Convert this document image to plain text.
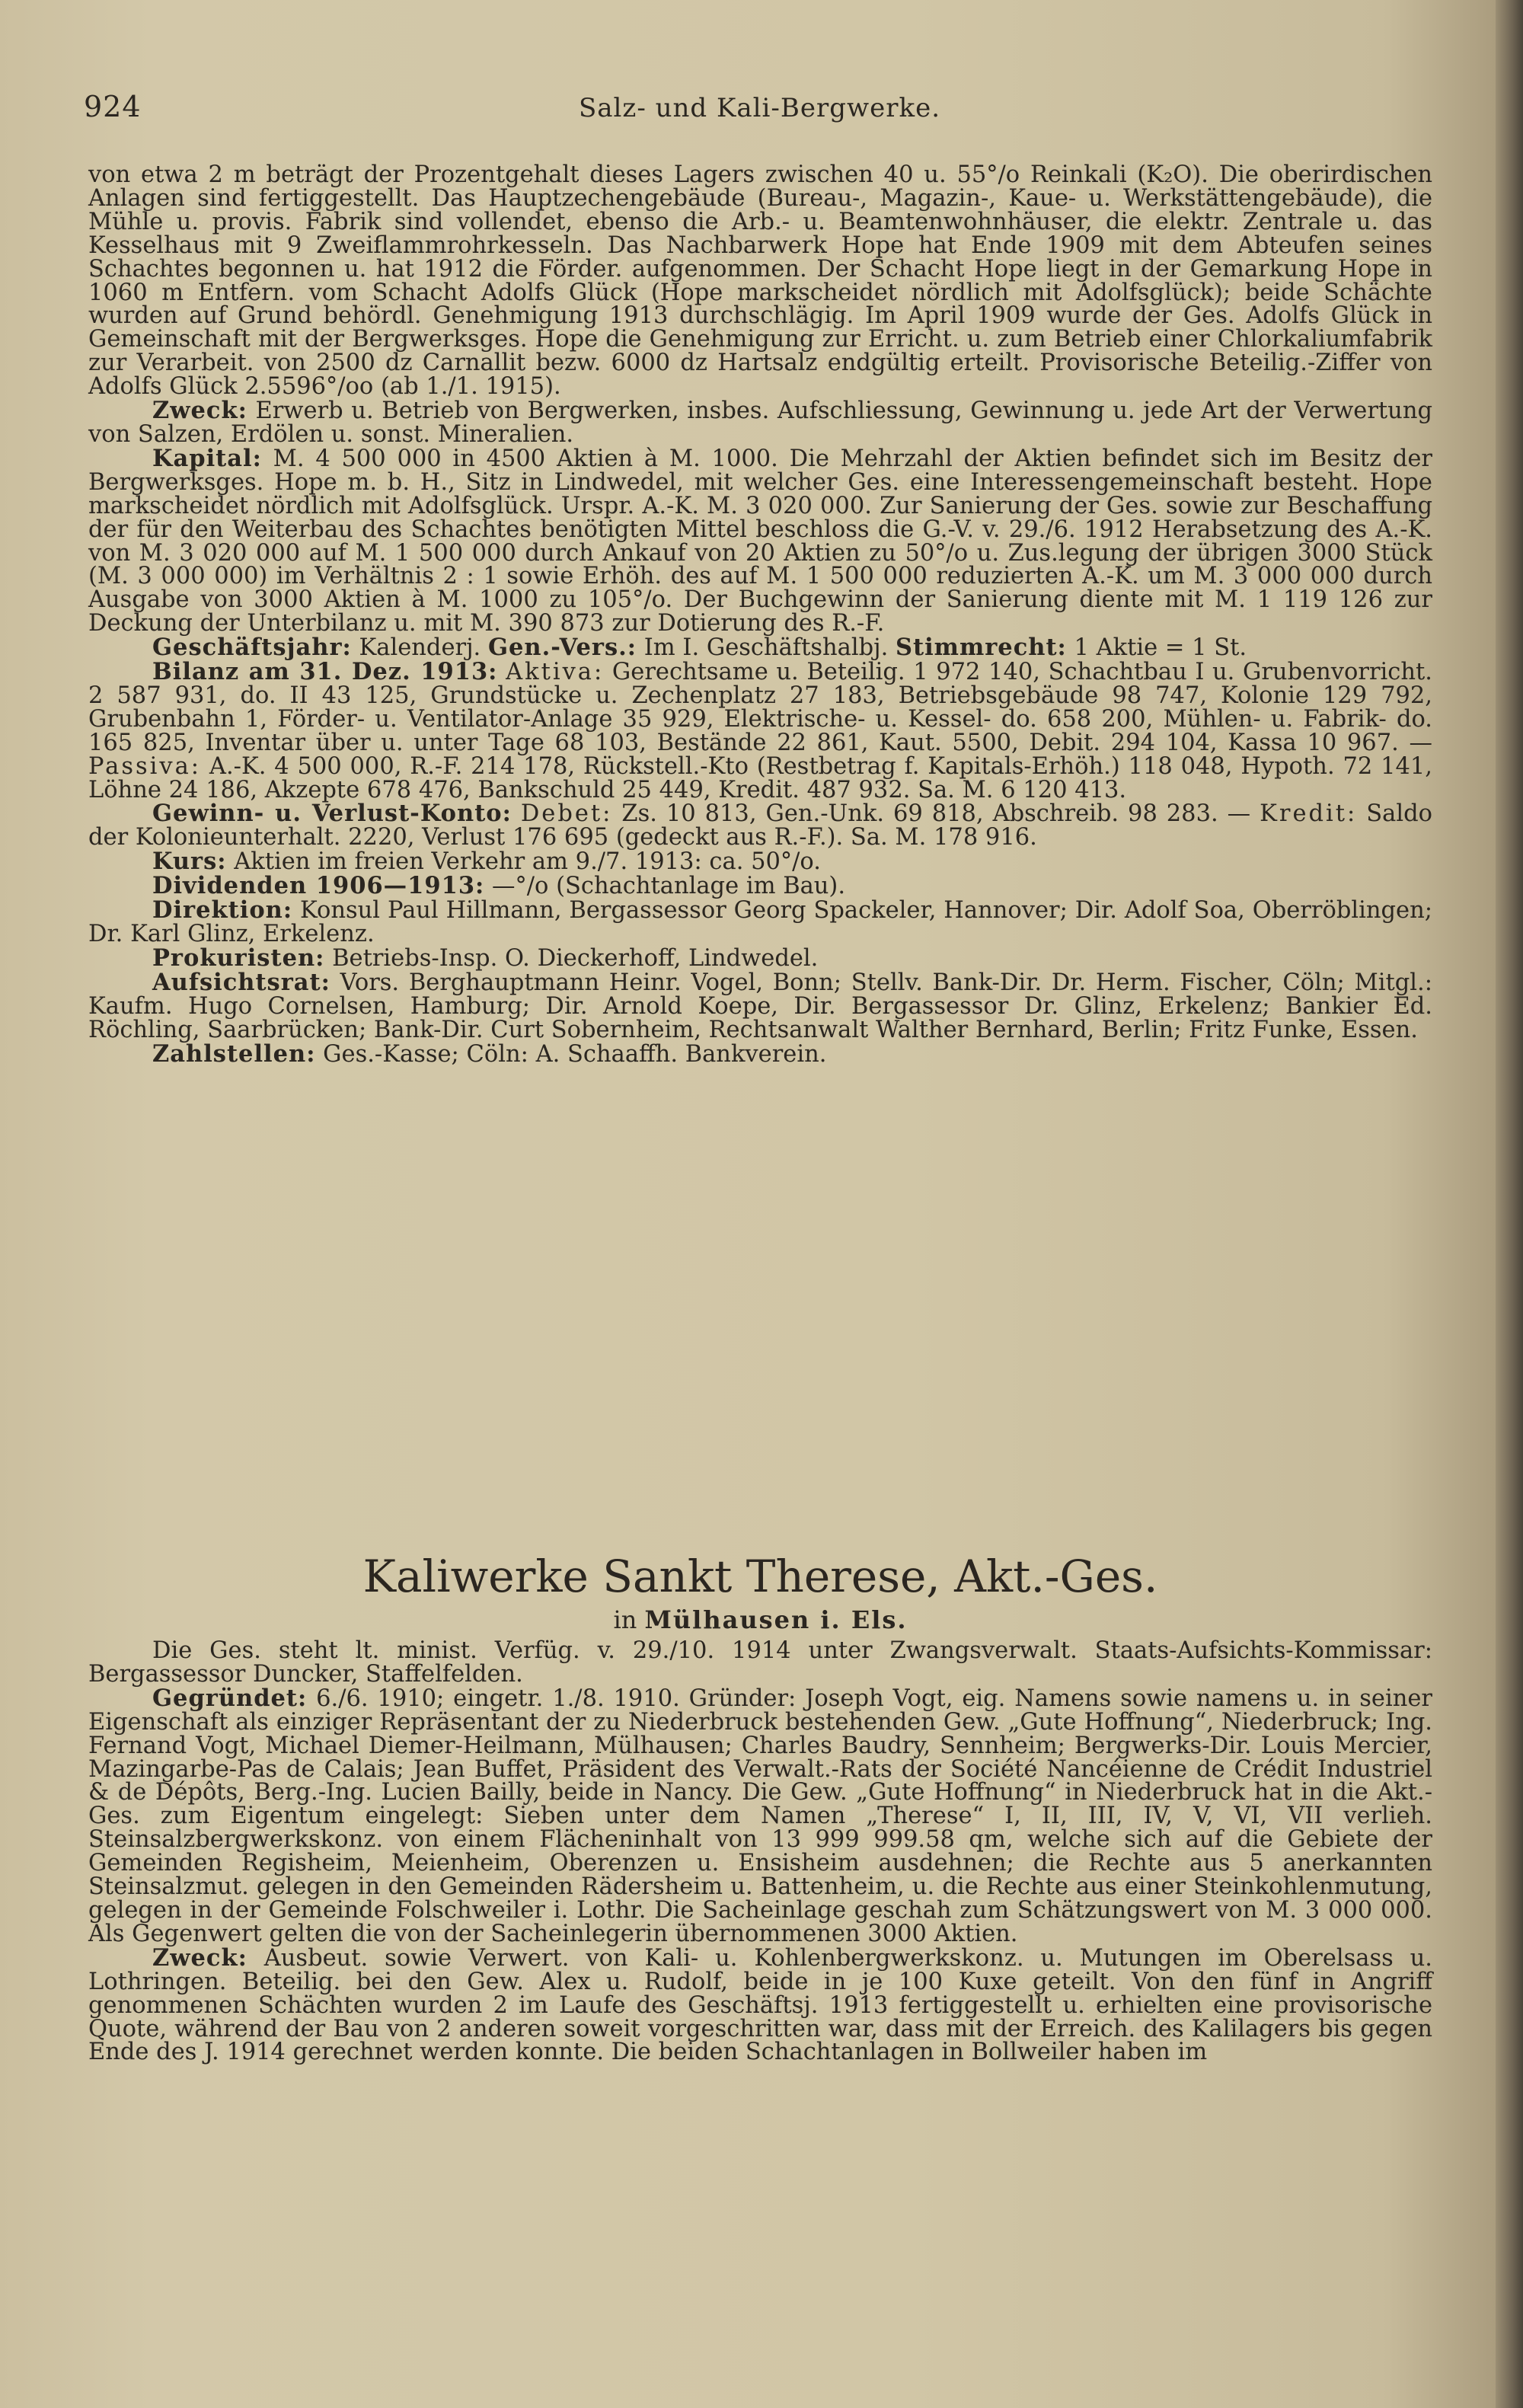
924	Salz- und Kali-Bergwerke.

von etwa 2 m beträgt der Prozentgehalt dieses Lagers zwischen 40 u. 55°/o Reinkali (K₂O). Die oberirdischen Anlagen sind fertiggestellt. Das Hauptzechengebäude (Bureau-, Magazin-, Kaue- u. Werkstättengebäude), die Mühle u. provis. Fabrik sind vollendet, ebenso die Arb.- u. Beamtenwohnhäuser, die elektr. Zentrale u. das Kesselhaus mit 9 Zweiflammrohrkesseln. Das Nachbarwerk Hope hat Ende 1909 mit dem Abteufen seines Schachtes begonnen u. hat 1912 die Förder. aufgenommen. Der Schacht Hope liegt in der Gemarkung Hope in 1060 m Entfern. vom Schacht Adolfs Glück (Hope markscheidet nördlich mit Adolfsglück); beide Schächte wurden auf Grund behördl. Genehmigung 1913 durchschlägig. Im April 1909 wurde der Ges. Adolfs Glück in Gemeinschaft mit der Bergwerksges. Hope die Genehmigung zur Erricht. u. zum Betrieb einer Chlorkaliumfabrik zur Verarbeit. von 2500 dz Carnallit bezw. 6000 dz Hartsalz endgültig erteilt. Provisorische Beteilig.-Ziffer von Adolfs Glück 2.5596°/oo (ab 1./1. 1915).

Zweck: Erwerb u. Betrieb von Bergwerken, insbes. Aufschliessung, Gewinnung u. jede Art der Verwertung von Salzen, Erdölen u. sonst. Mineralien.

Kapital: M. 4 500 000 in 4500 Aktien à M. 1000. Die Mehrzahl der Aktien befindet sich im Besitz der Bergwerksges. Hope m. b. H., Sitz in Lindwedel, mit welcher Ges. eine Interessengemeinschaft besteht. Hope markscheidet nördlich mit Adolfsglück. Urspr. A.-K. M. 3 020 000. Zur Sanierung der Ges. sowie zur Beschaffung der für den Weiterbau des Schachtes benötigten Mittel beschloss die G.-V. v. 29./6. 1912 Herabsetzung des A.-K. von M. 3 020 000 auf M. 1 500 000 durch Ankauf von 20 Aktien zu 50°/o u. Zus.legung der übrigen 3000 Stück (M. 3 000 000) im Verhältnis 2 : 1 sowie Erhöh. des auf M. 1 500 000 reduzierten A.-K. um M. 3 000 000 durch Ausgabe von 3000 Aktien à M. 1000 zu 105°/o. Der Buchgewinn der Sanierung diente mit M. 1 119 126 zur Deckung der Unterbilanz u. mit M. 390 873 zur Dotierung des R.-F.

Geschäftsjahr: Kalenderj. Gen.-Vers.: Im I. Geschäftshalbj. Stimmrecht: 1 Aktie = 1 St.

Bilanz am 31. Dez. 1913: Aktiva: Gerechtsame u. Beteilig. 1 972 140, Schachtbau I u. Grubenvorricht. 2 587 931, do. II 43 125, Grundstücke u. Zechenplatz 27 183, Betriebsgebäude 98 747, Kolonie 129 792, Grubenbahn 1, Förder- u. Ventilator-Anlage 35 929, Elektrische- u. Kessel- do. 658 200, Mühlen- u. Fabrik- do. 165 825, Inventar über u. unter Tage 68 103, Bestände 22 861, Kaut. 5500, Debit. 294 104, Kassa 10 967. — Passiva: A.-K. 4 500 000, R.-F. 214 178, Rückstell.-Kto (Restbetrag f. Kapitals-Erhöh.) 118 048, Hypoth. 72 141, Löhne 24 186, Akzepte 678 476, Bankschuld 25 449, Kredit. 487 932. Sa. M. 6 120 413.

Gewinn- u. Verlust-Konto: Debet: Zs. 10 813, Gen.-Unk. 69 818, Abschreib. 98 283. — Kredit: Saldo der Kolonieunterhalt. 2220, Verlust 176 695 (gedeckt aus R.-F.). Sa. M. 178 916.

Kurs: Aktien im freien Verkehr am 9./7. 1913: ca. 50°/o.

Dividenden 1906—1913: —°/o (Schachtanlage im Bau).

Direktion: Konsul Paul Hillmann, Bergassessor Georg Spackeler, Hannover; Dir. Adolf Soa, Oberröblingen; Dr. Karl Glinz, Erkelenz.

Prokuristen: Betriebs-Insp. O. Dieckerhoff, Lindwedel.

Aufsichtsrat: Vors. Berghauptmann Heinr. Vogel, Bonn; Stellv. Bank-Dir. Dr. Herm. Fischer, Cöln; Mitgl.: Kaufm. Hugo Cornelsen, Hamburg; Dir. Arnold Koepe, Dir. Bergassessor Dr. Glinz, Erkelenz; Bankier Ed. Röchling, Saarbrücken; Bank-Dir. Curt Sobernheim, Rechtsanwalt Walther Bernhard, Berlin; Fritz Funke, Essen.

Zahlstellen: Ges.-Kasse; Cöln: A. Schaaffh. Bankverein.

Kaliwerke Sankt Therese, Akt.-Ges.
in Mülhausen i. Els.

Die Ges. steht lt. minist. Verfüg. v. 29./10. 1914 unter Zwangsverwalt. Staats-Aufsichts-Kommissar: Bergassessor Duncker, Staffelfelden.

Gegründet: 6./6. 1910; eingetr. 1./8. 1910. Gründer: Joseph Vogt, eig. Namens sowie namens u. in seiner Eigenschaft als einziger Repräsentant der zu Niederbruck bestehenden Gew. „Gute Hoffnung“, Niederbruck; Ing. Fernand Vogt, Michael Diemer-Heilmann, Mülhausen; Charles Baudry, Sennheim; Bergwerks-Dir. Louis Mercier, Mazingarbe-Pas de Calais; Jean Buffet, Präsident des Verwalt.-Rats der Société Nancéienne de Crédit Industriel & de Dépôts, Berg.-Ing. Lucien Bailly, beide in Nancy. Die Gew. „Gute Hoffnung“ in Niederbruck hat in die Akt.-Ges. zum Eigentum eingelegt: Sieben unter dem Namen „Therese“ I, II, III, IV, V, VI, VII verlieh. Steinsalzbergwerkskonz. von einem Flächeninhalt von 13 999 999.58 qm, welche sich auf die Gebiete der Gemeinden Regisheim, Meienheim, Oberenzen u. Ensisheim ausdehnen; die Rechte aus 5 anerkannten Steinsalzmut. gelegen in den Gemeinden Rädersheim u. Battenheim, u. die Rechte aus einer Steinkohlenmutung, gelegen in der Gemeinde Folschweiler i. Lothr. Die Sacheinlage geschah zum Schätzungswert von M. 3 000 000. Als Gegenwert gelten die von der Sacheinlegerin übernommenen 3000 Aktien.

Zweck: Ausbeut. sowie Verwert. von Kali- u. Kohlenbergwerkskonz. u. Mutungen im Oberelsass u. Lothringen. Beteilig. bei den Gew. Alex u. Rudolf, beide in je 100 Kuxe geteilt. Von den fünf in Angriff genommenen Schächten wurden 2 im Laufe des Geschäftsj. 1913 fertiggestellt u. erhielten eine provisorische Quote, während der Bau von 2 anderen soweit vorgeschritten war, dass mit der Erreich. des Kalilagers bis gegen Ende des J. 1914 gerechnet werden konnte. Die beiden Schachtanlagen in Bollweiler haben im
